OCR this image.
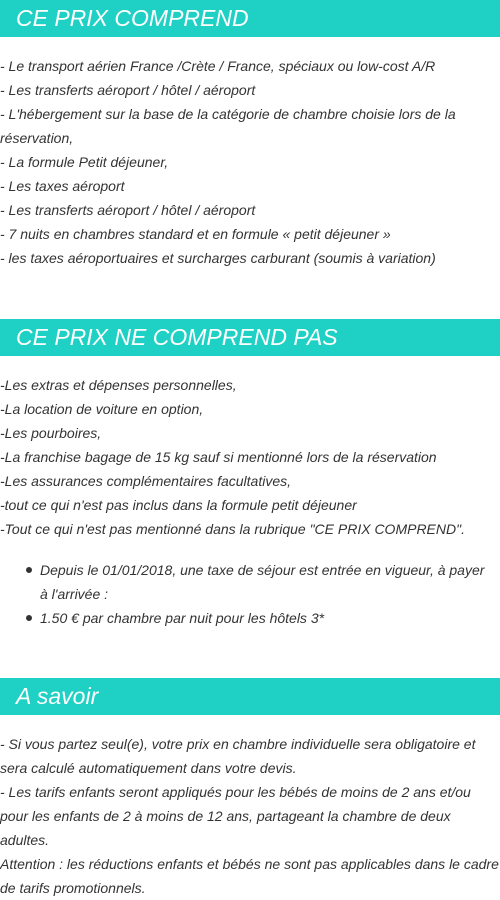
CE PRIX COMPREND
- Le transport aérien France /Crète / France, spéciaux ou low-cost A/R
- Les transferts aéroport / hôtel / aéroport
- L'hébergement sur la base de la catégorie de chambre choisie lors de la réservation,
- La formule Petit déjeuner,
- Les taxes aéroport
- Les transferts aéroport / hôtel / aéroport
- 7 nuits en chambres standard et en formule « petit déjeuner »
- les taxes aéroportuaires et surcharges carburant (soumis à variation)
CE PRIX NE COMPREND PAS
-Les extras et dépenses personnelles,
-La location de voiture en option,
-Les pourboires,
-La franchise bagage de 15 kg sauf si mentionné lors de la réservation
-Les assurances complémentaires facultatives,
-tout ce qui n'est pas inclus dans la formule petit déjeuner
-Tout ce qui n'est pas mentionné dans la rubrique "CE PRIX COMPREND".
Depuis le 01/01/2018, une taxe de séjour est entrée en vigueur, à payer à l'arrivée :
1.50 € par chambre par nuit pour les hôtels 3*
A savoir
- Si vous partez seul(e), votre prix en chambre individuelle sera obligatoire et sera calculé automatiquement dans votre devis.
- Les tarifs enfants seront appliqués pour les bébés de moins de 2 ans et/ou pour les enfants de 2 à moins de 12 ans, partageant la chambre de deux adultes.
Attention : les réductions enfants et bébés ne sont pas applicables dans le cadre de tarifs promotionnels.
